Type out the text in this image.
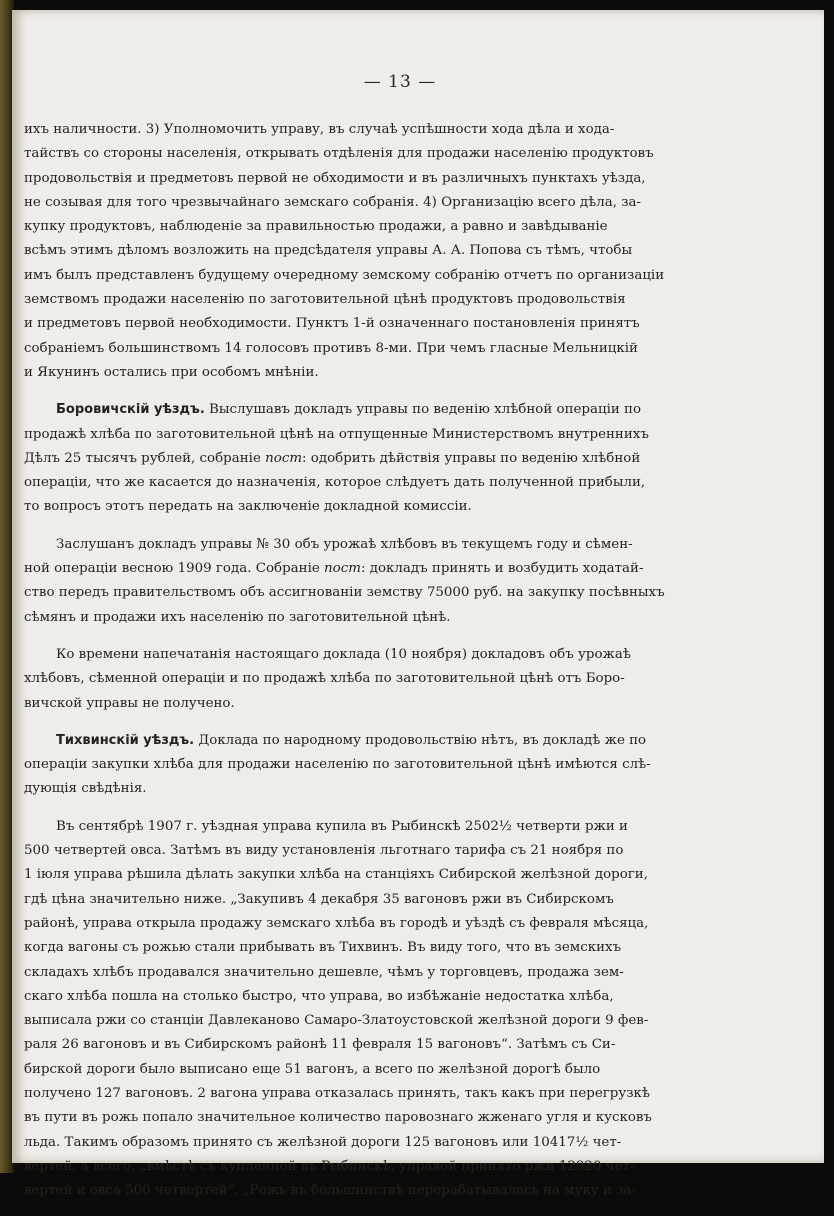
— 13 —
ихъ наличности. 3) Уполномочить управу, въ случаѣ успѣшности хода дѣла и хода-
тайствъ со стороны населенія, открывать отдѣленія для продажи населенію продуктовъ
продовольствія и предметовъ первой не обходимости и въ различныхъ пунктахъ уѣзда,
не созывая для того чрезвычайнаго земскаго собранія. 4) Организацію всего дѣла, за-
купку продуктовъ, наблюденіе за правильностью продажи, а равно и завѣдываніе
всѣмъ этимъ дѣломъ возложить на предсѣдателя управы А. А. Попова съ тѣмъ, чтобы
имъ былъ представленъ будущему очередному земскому собранію отчетъ по организаціи
земствомъ продажи населенію по заготовительной цѣнѣ продуктовъ продовольствія
и предметовъ первой необходимости. Пунктъ 1-й означеннаго постановленія принятъ
собраніемъ большинствомъ 14 голосовъ противъ 8-ми. При чемъ гласные Мельницкій
и Якунинъ остались при особомъ мнѣніи.
Боровичскій уѣздъ. Выслушавъ докладъ управы по веденію хлѣбной операціи по
продажѣ хлѣба по заготовительной цѣнѣ на отпущенные Министерствомъ внутреннихъ
Дѣлъ 25 тысячъ рублей, собраніе пост: одобрить дѣйствія управы по веденію хлѣбной
операціи, что же касается до назначенія, которое слѣдуетъ дать полученной прибыли,
то вопросъ этотъ передать на заключеніе докладной комиссіи.
Заслушанъ докладъ управы № 30 объ урожаѣ хлѣбовъ въ текущемъ году и сѣмен-
ной операціи весною 1909 года. Собраніе пост: докладъ принять и возбудить ходатай-
ство передъ правительствомъ объ ассигнованіи земству 75000 руб. на закупку посѣвныхъ
сѣмянъ и продажи ихъ населенію по заготовительной цѣнѣ.
Ко времени напечатанія настоящаго доклада (10 ноября) докладовъ объ урожаѣ
хлѣбовъ, сѣменной операціи и по продажѣ хлѣба по заготовительной цѣнѣ отъ Боро-
вичской управы не получено.
Тихвинскій уѣздъ. Доклада по народному продовольствію нѣтъ, въ докладѣ же по
операціи закупки хлѣба для продажи населенію по заготовительной цѣнѣ имѣются слѣ-
дующія свѣдѣнія.
Въ сентябрѣ 1907 г. уѣздная управа купила въ Рыбинскѣ 2502½ четверти ржи и
500 четвертей овса. Затѣмъ въ виду установленія льготнаго тарифа съ 21 ноября по
1 іюля управа рѣшила дѣлать закупки хлѣба на станціяхъ Сибирской желѣзной дороги,
гдѣ цѣна значительно ниже. „Закупивъ 4 декабря 35 вагоновъ ржи въ Сибирскомъ
районѣ, управа открыла продажу земскаго хлѣба въ городѣ и уѣздѣ съ февраля мѣсяца,
когда вагоны съ рожью стали прибывать въ Тихвинъ. Въ виду того, что въ земскихъ
складахъ хлѣбъ продавался значительно дешевле, чѣмъ у торговцевъ, продажа зем-
скаго хлѣба пошла на столько быстро, что управа, во избѣжаніе недостатка хлѣба,
выписала ржи со станціи Давлеканово Самаро-Златоустовской желѣзной дороги 9 фев-
раля 26 вагоновъ и въ Сибирскомъ районѣ 11 февраля 15 вагоновъ“. Затѣмъ съ Си-
бирской дороги было выписано еще 51 вагонъ, а всего по желѣзной дорогѣ было
получено 127 вагоновъ. 2 вагона управа отказалась принять, такъ какъ при перегрузкѣ
въ пути въ рожь попало значительное количество паровознаго жженаго угля и кусковъ
льда. Такимъ образомъ принято съ желѣзной дороги 125 вагоновъ или 10417½ чет-
вертей, а всего, „вмѣстѣ съ купленной въ Рыбинскѣ, управой принято ржи 12920 чет-
вертей и овса 500 четвертей“. „Рожь въ большинствѣ перерабатывалась на муку и за-
